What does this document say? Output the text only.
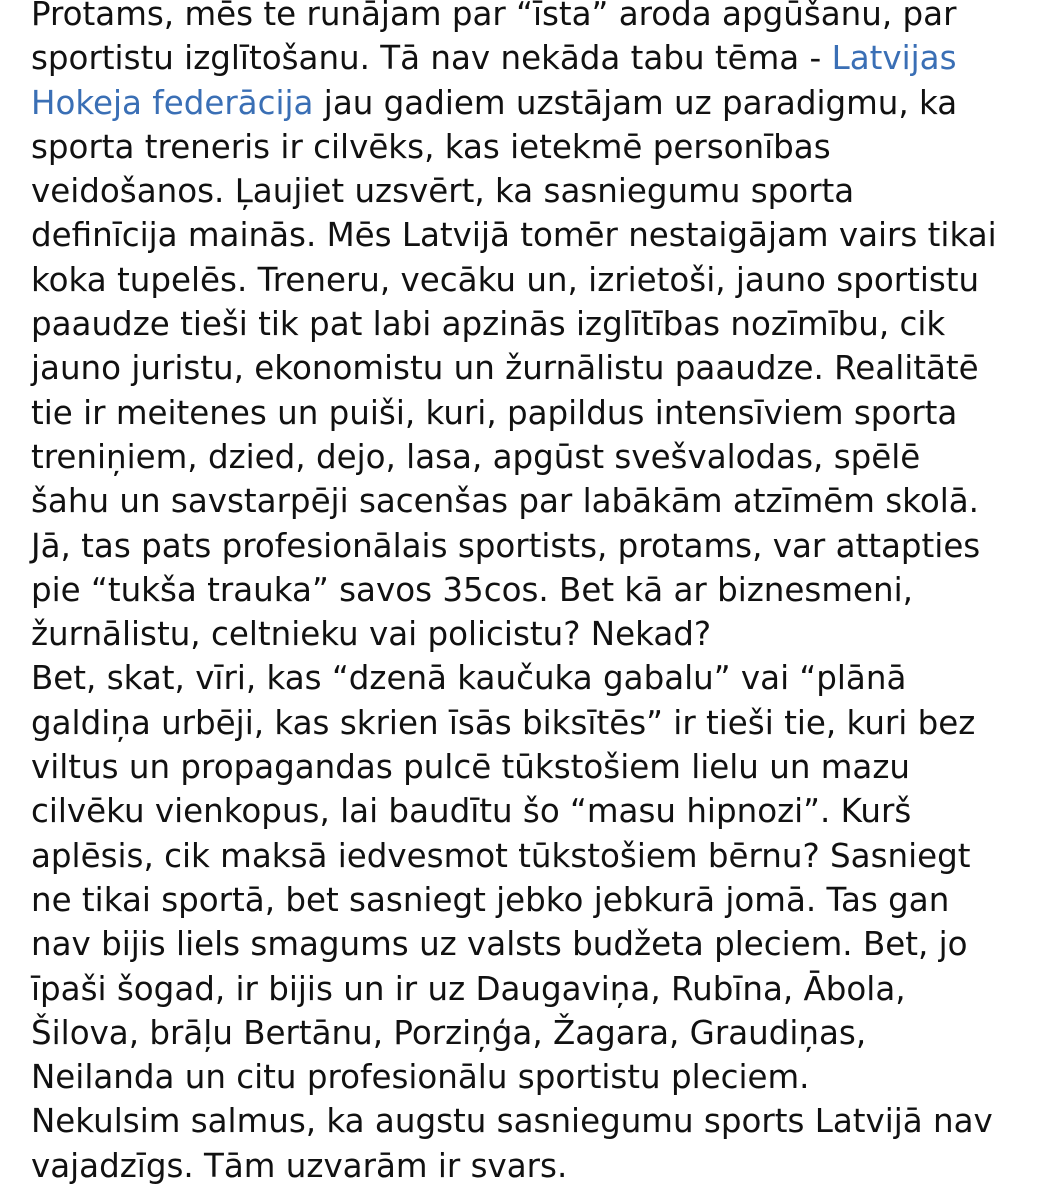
Protams, mēs te runājam par “īsta” aroda apgūšanu, par
sportistu izglītošanu. Tā nav nekāda tabu tēma - Latvijas
Hokeja federācija jau gadiem uzstājam uz paradigmu, ka
sporta treneris ir cilvēks, kas ietekmē personības
veidošanos. Ļaujiet uzsvērt, ka sasniegumu sporta
definīcija mainās. Mēs Latvijā tomēr nestaigājam vairs tikai
koka tupelēs. Treneru, vecāku un, izrietoši, jauno sportistu
paaudze tieši tik pat labi apzinās izglītības nozīmību, cik
jauno juristu, ekonomistu un žurnālistu paaudze. Realitātē
tie ir meitenes un puiši, kuri, papildus intensīviem sporta
treniņiem, dzied, dejo, lasa, apgūst svešvalodas, spēlē
šahu un savstarpēji sacenšas par labākām atzīmēm skolā.
Jā, tas pats profesionālais sportists, protams, var attapties
pie “tukša trauka” savos 35cos. Bet kā ar biznesmeni,
žurnālistu, celtnieku vai policistu? Nekad?
Bet, skat, vīri, kas “dzenā kaučuka gabalu” vai “plānā
galdiņa urbēji, kas skrien īsās biksītēs” ir tieši tie, kuri bez
viltus un propagandas pulcē tūkstošiem lielu un mazu
cilvēku vienkopus, lai baudītu šo “masu hipnozi”. Kurš
aplēsis, cik maksā iedvesmot tūkstošiem bērnu? Sasniegt
ne tikai sportā, bet sasniegt jebko jebkurā jomā. Tas gan
nav bijis liels smagums uz valsts budžeta pleciem. Bet, jo
īpaši šogad, ir bijis un ir uz Daugaviņa, Rubīna, Ābola,
Šilova, brāļu Bertānu, Porziņģa, Žagara, Graudiņas,
Neilanda un citu profesionālu sportistu pleciem.
Nekulsim salmus, ka augstu sasniegumu sports Latvijā nav
vajadzīgs. Tām uzvarām ir svars.
